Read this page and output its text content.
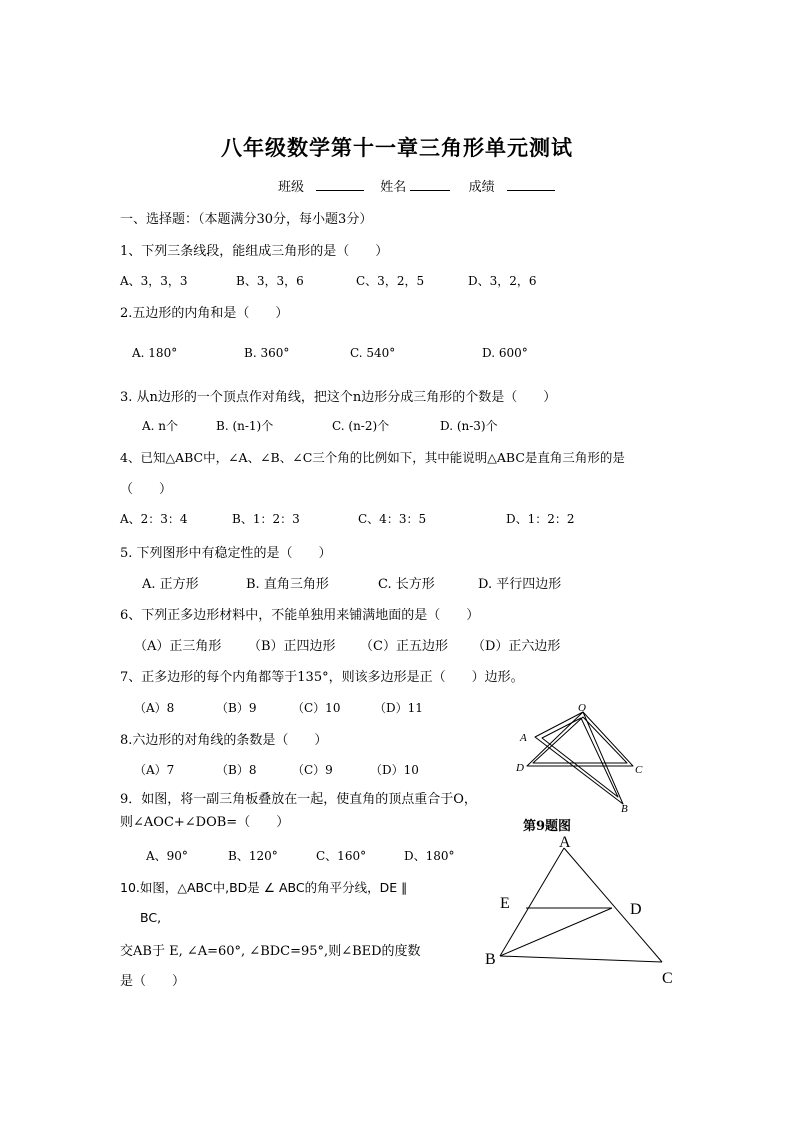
八年级数学第十一章三角形单元测试
班级	姓名	成绩
一、选择题：（本题满分30分，每小题3分）
1、下列三条线段，能组成三角形的是（　　）
A、3，3，3	B、3，3，6	C、3，2，5	D、3，2，6
2.五边形的内角和是（　　）
A. 180°	B. 360°	C. 540°	D. 600°
3. 从n边形的一个顶点作对角线，把这个n边形分成三角形的个数是（　　）
A. n个	B. (n-1)个	C. (n-2)个	D. (n-3)个
4、已知△ABC中，∠A、∠B、∠C三个角的比例如下，其中能说明△ABC是直角三角形的是
（　　）
A、2：3：4	B、1：2：3	C、4：3：5	D、1：2：2
5. 下列图形中有稳定性的是（　　）
A. 正方形	B. 直角三角形	C. 长方形	D. 平行四边形
6、下列正多边形材料中，不能单独用来铺满地面的是（　　）
（A）正三角形 （B）正四边形 （C）正五边形 （D）正六边形
7、正多边形的每个内角都等于135°，则该多边形是正（　　）边形。
（A）8	（B）9	（C）10	（D）11
8.六边形的对角线的条数是（　　）
（A）7	（B）8	（C）9	（D）10
9．如图，将一副三角板叠放在一起，使直角的顶点重合于O，
则∠AOC+∠DOB=（　　）
A、90°	B、120°	C、160°	D、180°
10.如图，△ABC中,BD是 ∠ ABC的角平分线，DE ∥
BC,
交AB于 E, ∠A=60°, ∠BDC=95°,则∠BED的度数
是（　　）
O
A
D	C
B
第9题图
A
E	D
B
C
